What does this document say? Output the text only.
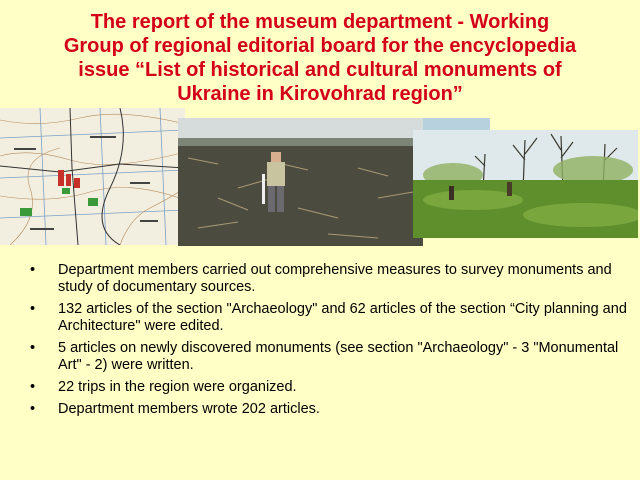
The report of the museum department - Working
Group of regional editorial board for the encyclopedia
issue “List of historical and cultural monuments of
Ukraine in Kirovohrad region”
• Department members carried out comprehensive measures to survey monuments and study of documentary sources.
• 132 articles of the section "Archaeology" and 62 articles of the section “City planning and Architecture" were edited.
• 5 articles on newly discovered monuments (see section "Archaeology" - 3 "Monumental Art" - 2) were written.
• 22 trips in the region were organized.
• Department members wrote 202 articles.
